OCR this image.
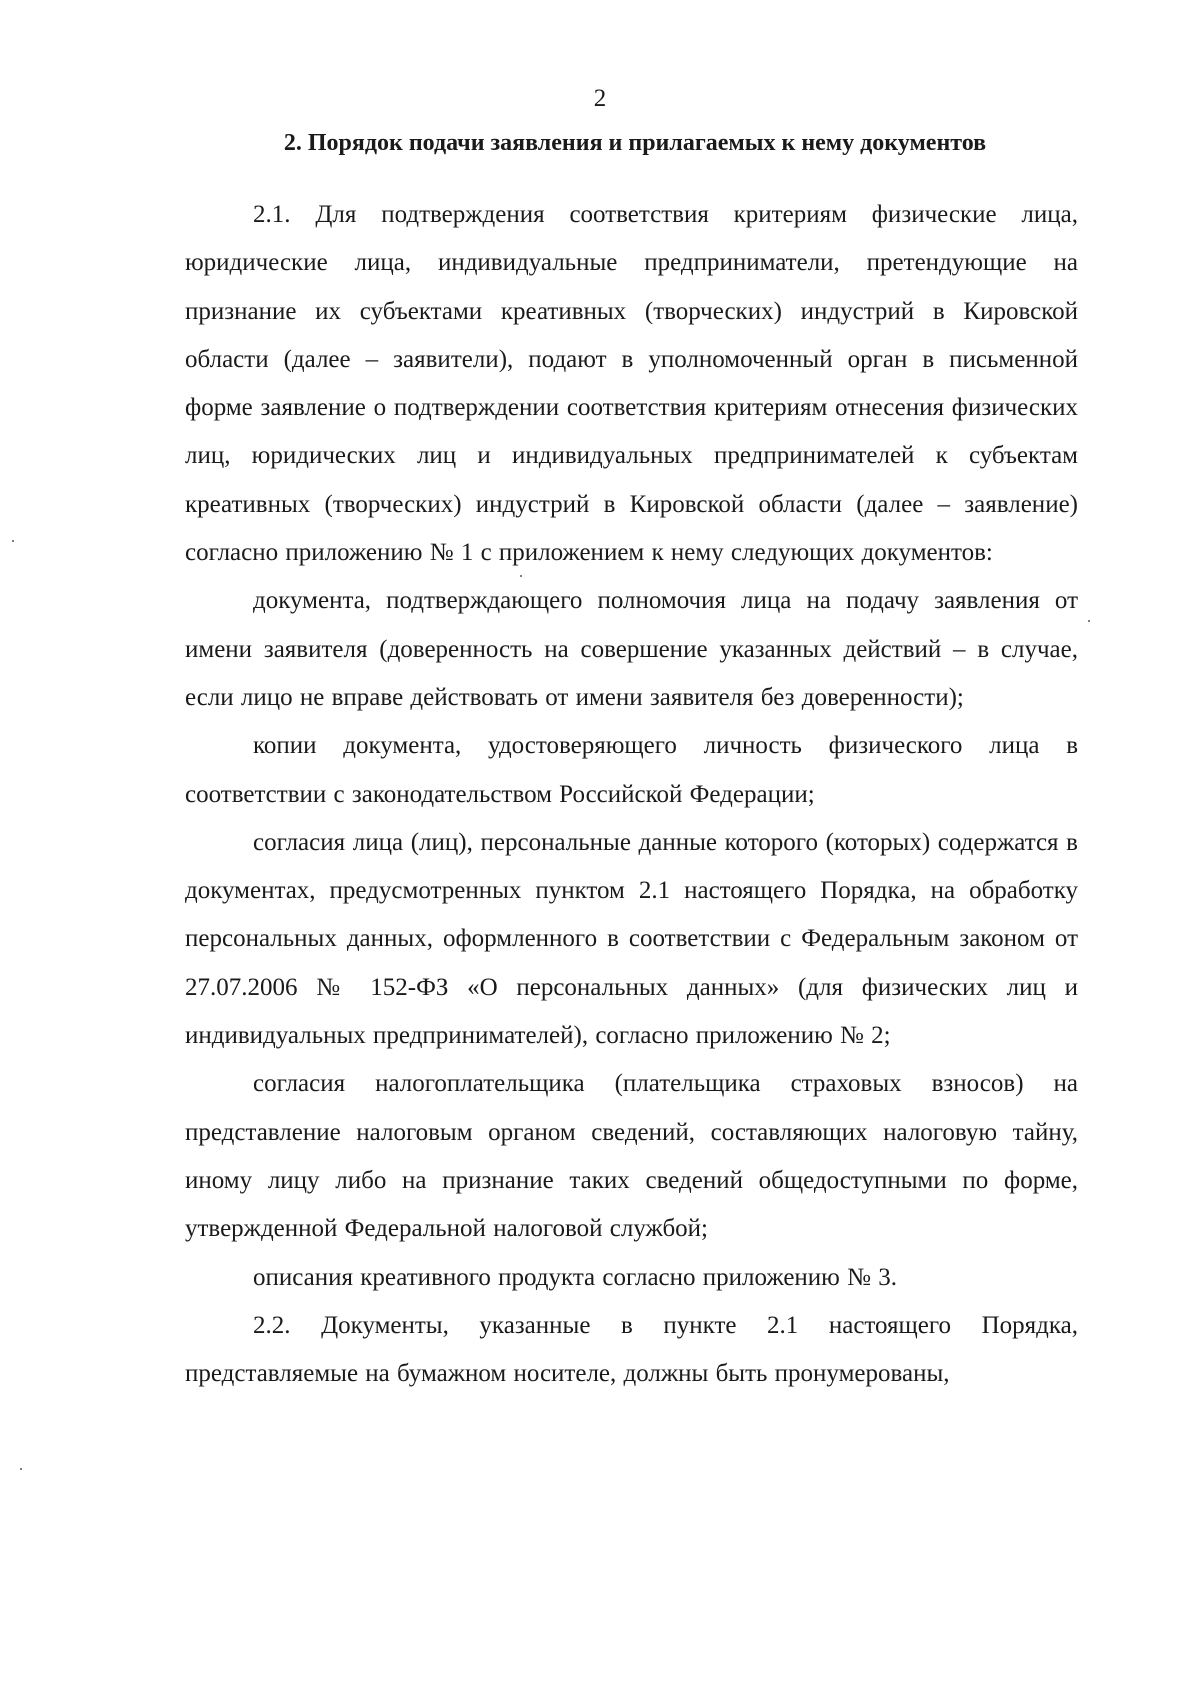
2
2. Порядок подачи заявления и прилагаемых к нему документов

2.1. Для подтверждения соответствия критериям физические лица, юридические лица, индивидуальные предприниматели, претендующие на признание их субъектами креативных (творческих) индустрий в Кировской области (далее – заявители), подают в уполномоченный орган в письменной форме заявление о подтверждении соответствия критериям отнесения физических лиц, юридических лиц и индивидуальных предпринимателей к субъектам креативных (творческих) индустрий в Кировской области (далее – заявление) согласно приложению № 1 с приложением к нему следующих документов:

документа, подтверждающего полномочия лица на подачу заявления от имени заявителя (доверенность на совершение указанных действий – в случае, если лицо не вправе действовать от имени заявителя без доверенности);

копии документа, удостоверяющего личность физического лица в соответствии с законодательством Российской Федерации;

согласия лица (лиц), персональные данные которого (которых) содержатся в документах, предусмотренных пунктом 2.1 настоящего Порядка, на обработку персональных данных, оформленного в соответствии с Федеральным законом от 27.07.2006 № 152-ФЗ «О персональных данных» (для физических лиц и индивидуальных предпринимателей), согласно приложению № 2;

согласия налогоплательщика (плательщика страховых взносов) на представление налоговым органом сведений, составляющих налоговую тайну, иному лицу либо на признание таких сведений общедоступными по форме, утвержденной Федеральной налоговой службой;

описания креативного продукта согласно приложению № 3.

2.2. Документы, указанные в пункте 2.1 настоящего Порядка, представляемые на бумажном носителе, должны быть пронумерованы,
